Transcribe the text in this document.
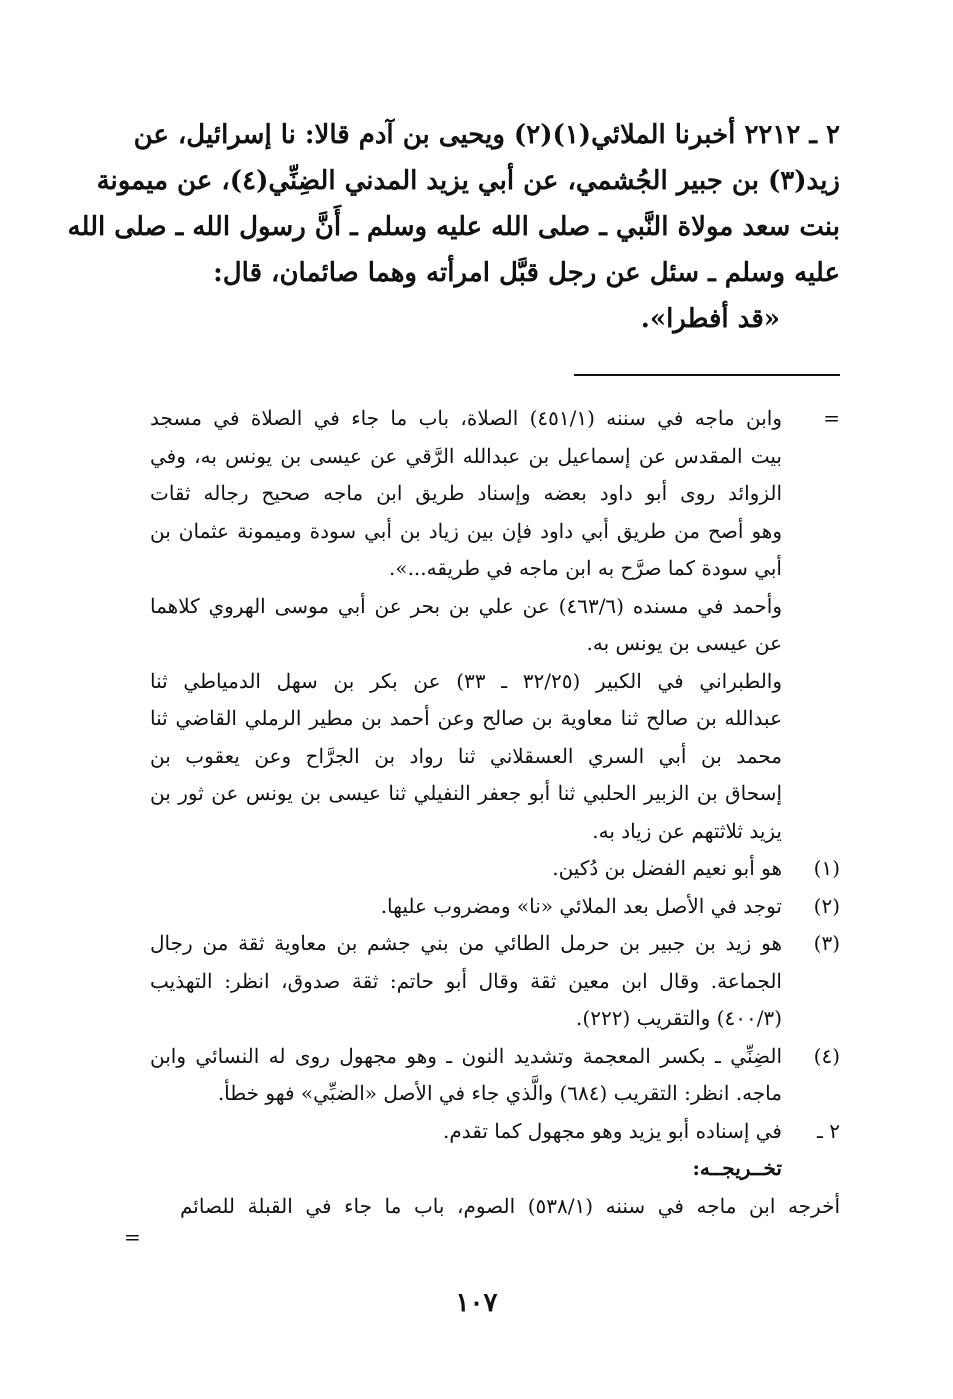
٢ ـ ٢٢١٢ أخبرنا الملائي(١)(٢) ويحيى بن آدم قالا: نا إسرائيل، عن
زيد(٣) بن جبير الجُشمي، عن أبي يزيد المدني الضِنِّي(٤)، عن ميمونة
بنت سعد مولاة النَّبي ـ صلى الله عليه وسلم ـ أَنَّ رسول الله ـ صلى الله
عليه وسلم ـ سئل عن رجل قبَّل امرأته وهما صائمان، قال:
«قد أفطرا».
=
وابن ماجه في سننه (٤٥١/١) الصلاة، باب ما جاء في الصلاة في مسجد
بيت المقدس عن إسماعيل بن عبدالله الرَّقي عن عيسى بن يونس به، وفي
الزوائد روى أبو داود بعضه وإسناد طريق ابن ماجه صحيح رجاله ثقات
وهو أصح من طريق أبي داود فإن بين زياد بن أبي سودة وميمونة عثمان بن
أبي سودة كما صرَّح به ابن ماجه في طريقه...».
وأحمد في مسنده (٤٦٣/٦) عن علي بن بحر عن أبي موسى الهروي كلاهما
عن عيسى بن يونس به.
والطبراني في الكبير (٣٢/٢٥ ـ ٣٣) عن بكر بن سهل الدمياطي ثنا
عبدالله بن صالح ثنا معاوية بن صالح وعن أحمد بن مطير الرملي القاضي ثنا
محمد بن أبي السري العسقلاني ثنا رواد بن الجرَّاح وعن يعقوب بن
إسحاق بن الزبير الحلبي ثنا أبو جعفر النفيلي ثنا عيسى بن يونس عن ثور بن
يزيد ثلاثتهم عن زياد به.
(١)
هو أبو نعيم الفضل بن دُكين.
(٢)
توجد في الأصل بعد الملائي «نا» ومضروب عليها.
(٣)
هو زيد بن جبير بن حرمل الطائي من بني جشم بن معاوية ثقة من رجال
الجماعة. وقال ابن معين ثقة وقال أبو حاتم: ثقة صدوق، انظر: التهذيب
(٤٠٠/٣) والتقريب (٢٢٢).
(٤)
الضِنِّي ـ بكسر المعجمة وتشديد النون ـ وهو مجهول روى له النسائي وابن
ماجه. انظر: التقريب (٦٨٤) والَّذي جاء في الأصل «الضبِّي» فهو خطأ.
٢ ـ
في إسناده أبو يزيد وهو مجهول كما تقدم.
تخــريجــه:
أخرجه ابن ماجه في سننه (٥٣٨/١) الصوم، باب ما جاء في القبلة للصائم
=
١٠٧
